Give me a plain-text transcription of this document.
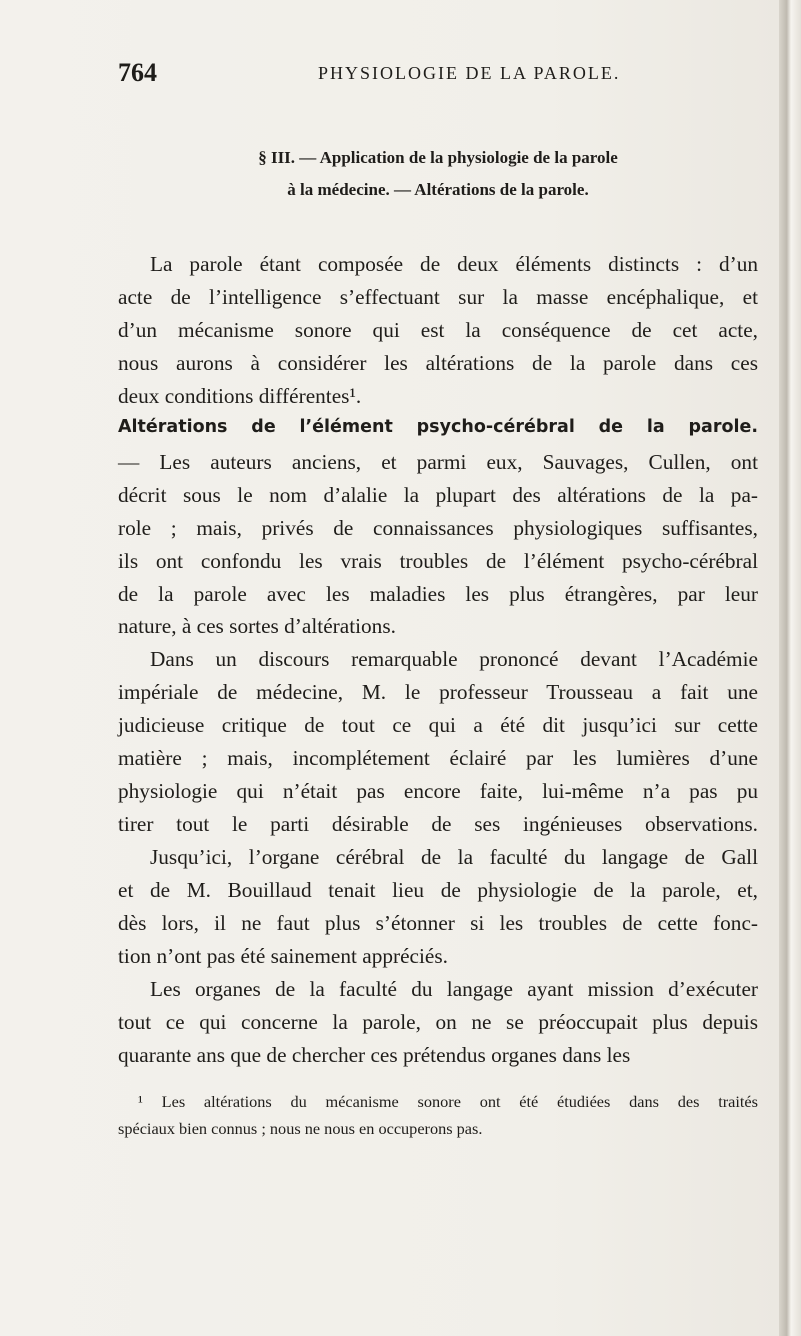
764	PHYSIOLOGIE DE LA PAROLE.
§ III. — Application de la physiologie de la parole
à la médecine. — Altérations de la parole.
La parole étant composée de deux éléments distincts : d’un
acte de l’intelligence s’effectuant sur la masse encéphalique, et
d’un mécanisme sonore qui est la conséquence de cet acte,
nous aurons à considérer les altérations de la parole dans ces
deux conditions différentes¹.
Altérations de l’élément psycho-cérébral de la parole.
— Les auteurs anciens, et parmi eux, Sauvages, Cullen, ont
décrit sous le nom d’alalie la plupart des altérations de la pa-
role ; mais, privés de connaissances physiologiques suffisantes,
ils ont confondu les vrais troubles de l’élément psycho-cérébral
de la parole avec les maladies les plus étrangères, par leur
nature, à ces sortes d’altérations.
Dans un discours remarquable prononcé devant l’Académie
impériale de médecine, M. le professeur Trousseau a fait une
judicieuse critique de tout ce qui a été dit jusqu’ici sur cette
matière ; mais, incomplétement éclairé par les lumières d’une
physiologie qui n’était pas encore faite, lui-même n’a pas pu
tirer tout le parti désirable de ses ingénieuses observations.
Jusqu’ici, l’organe cérébral de la faculté du langage de Gall
et de M. Bouillaud tenait lieu de physiologie de la parole, et,
dès lors, il ne faut plus s’étonner si les troubles de cette fonc-
tion n’ont pas été sainement appréciés.
Les organes de la faculté du langage ayant mission d’exécuter
tout ce qui concerne la parole, on ne se préoccupait plus depuis
quarante ans que de chercher ces prétendus organes dans les
¹ Les altérations du mécanisme sonore ont été étudiées dans des traités
spéciaux bien connus ; nous ne nous en occuperons pas.
